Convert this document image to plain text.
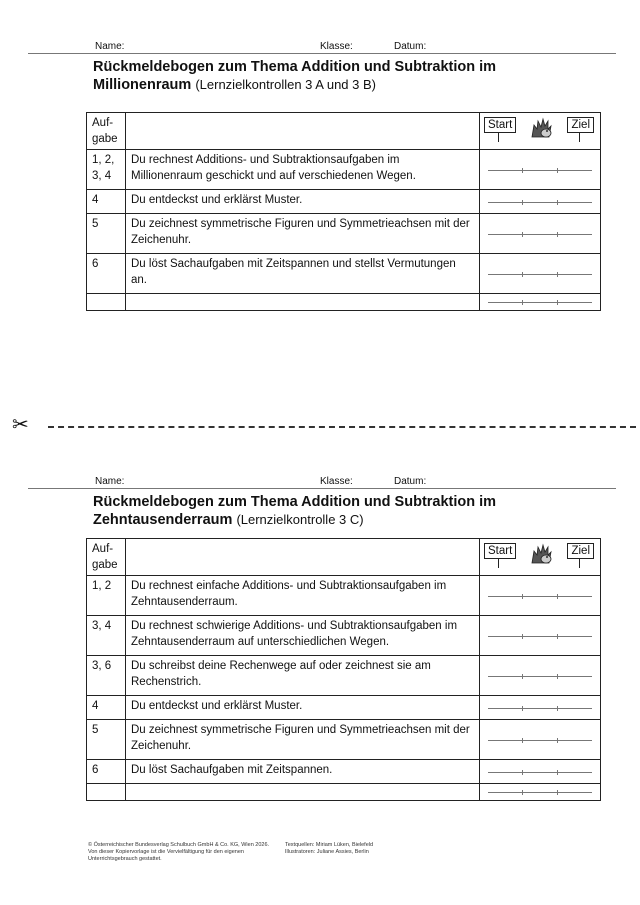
Name:	Klasse:	Datum:
Rückmeldebogen zum Thema Addition und Subtraktion im
Millionenraum (Lernzielkontrollen 3 A und 3 B)
Auf-
gabe		Start Ziel

1, 2, 3, 4	Du rechnest Additions- und Subtraktionsaufgaben im Millionenraum geschickt und auf verschiedenen Wegen.	

4	Du entdeckst und erklärst Muster.	

5	Du zeichnest symmetrische Figuren und Symmetrieachsen mit der Zeichenuhr.	

6	Du löst Sachaufgaben mit Zeitspannen und stellst Vermutungen an.	

✂
Name:	Klasse:	Datum:
Rückmeldebogen zum Thema Addition und Subtraktion im
Zehntausenderraum (Lernzielkontrolle 3 C)
Auf-
gabe		Start Ziel

1, 2	Du rechnest einfache Additions- und Subtraktionsaufgaben im Zehntausenderraum.	

3, 4	Du rechnest schwierige Additions- und Subtraktionsaufgaben im Zehntausenderraum auf unterschiedlichen Wegen.	

3, 6	Du schreibst deine Rechenwege auf oder zeichnest sie am Rechenstrich.	

4	Du entdeckst und erklärst Muster.	

5	Du zeichnest symmetrische Figuren und Symmetrieachsen mit der Zeichenuhr.	

6	Du löst Sachaufgaben mit Zeitspannen.	

© Österreichischer Bundesverlag Schulbuch GmbH & Co. KG, Wien 2026.
Von dieser Kopiervorlage ist die Vervielfältigung für den eigenen
Unterrichtsgebrauch gestattet.
Textquellen: Miriam Lüken, Bielefeld
Illustratoren: Juliane Assies, Berlin
